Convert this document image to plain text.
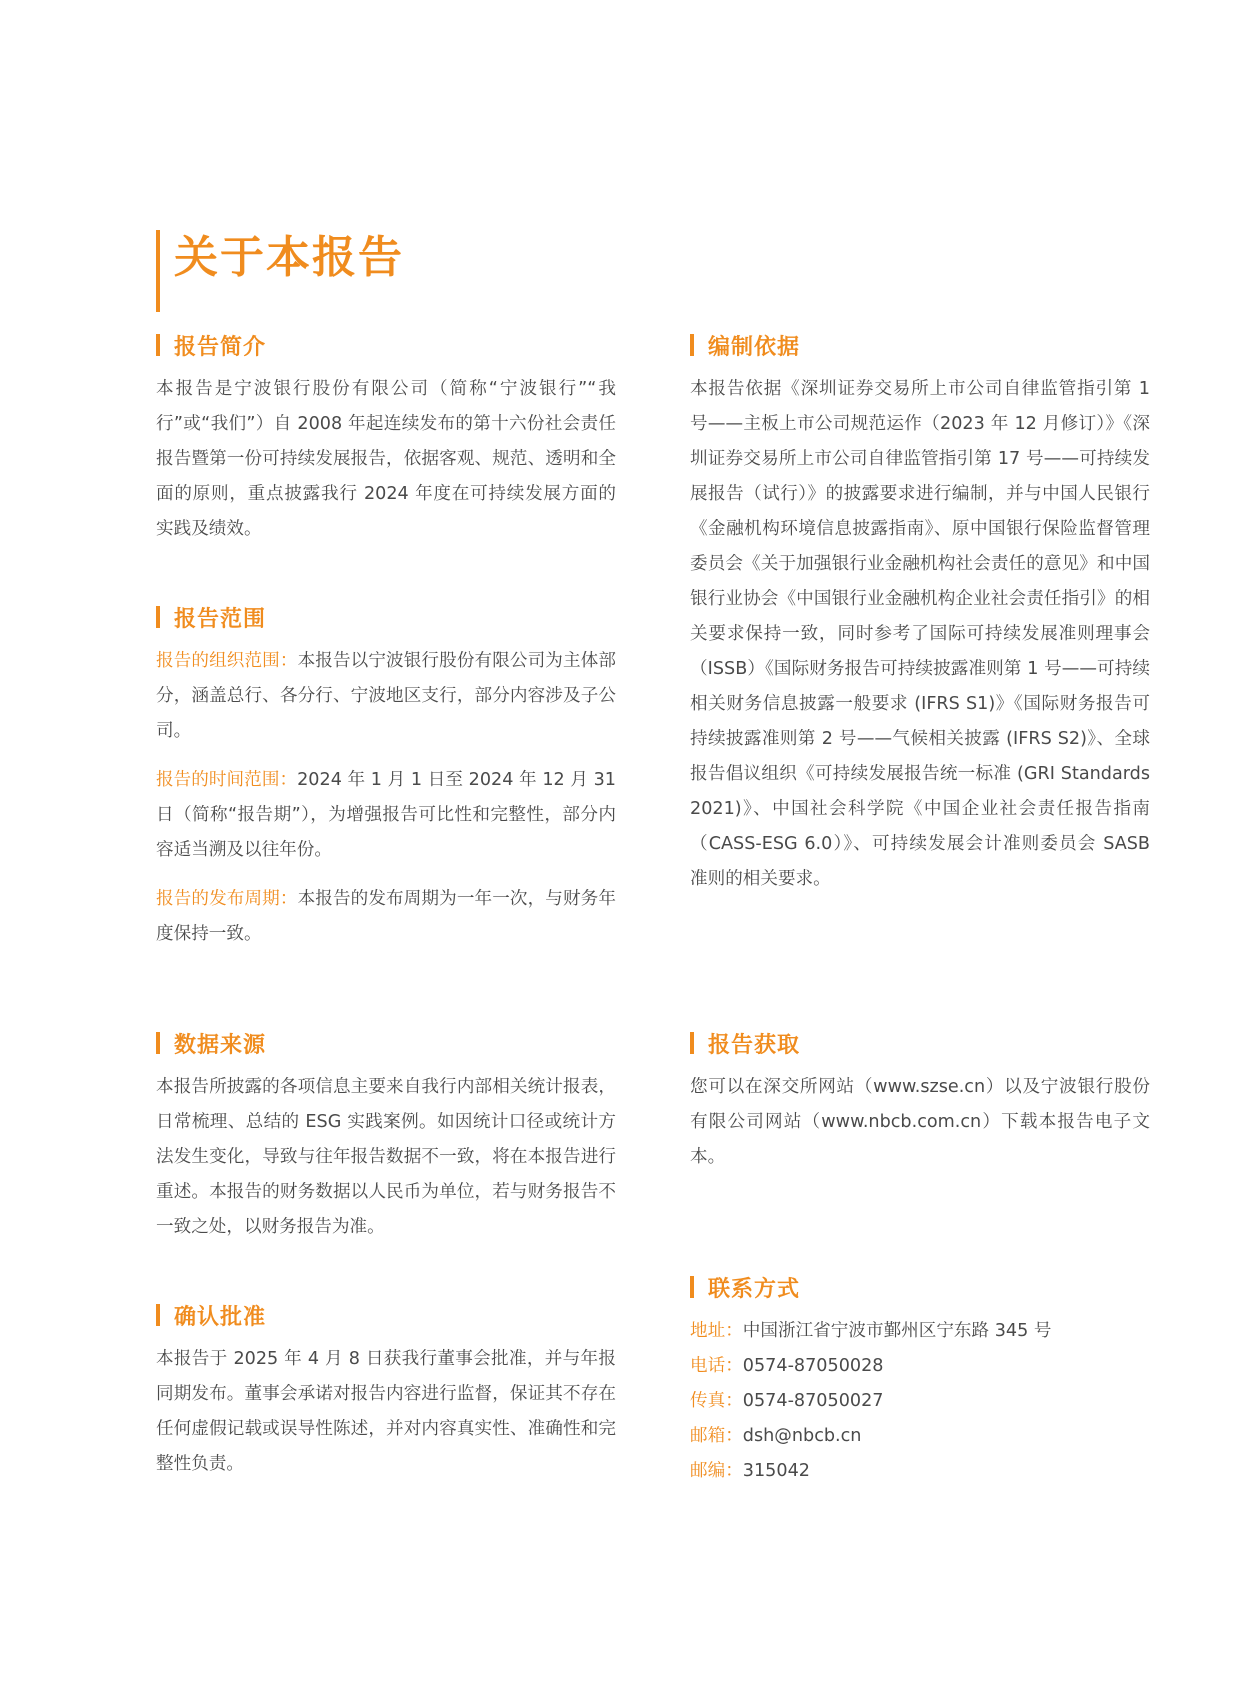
关于本报告
报告简介

本报告是宁波银行股份有限公司（简称“宁波银行”“我行”或“我们”）自 2008 年起连续发布的第十六份社会责任报告暨第一份可持续发展报告，依据客观、规范、透明和全面的原则，重点披露我行 2024 年度在可持续发展方面的实践及绩效。

报告范围

报告的组织范围：本报告以宁波银行股份有限公司为主体部分，涵盖总行、各分行、宁波地区支行，部分内容涉及子公司。

报告的时间范围：2024 年 1 月 1 日至 2024 年 12 月 31 日（简称“报告期”），为增强报告可比性和完整性，部分内容适当溯及以往年份。

报告的发布周期：本报告的发布周期为一年一次，与财务年度保持一致。

数据来源

本报告所披露的各项信息主要来自我行内部相关统计报表，日常梳理、总结的 ESG 实践案例。如因统计口径或统计方法发生变化，导致与往年报告数据不一致，将在本报告进行重述。本报告的财务数据以人民币为单位，若与财务报告不一致之处，以财务报告为准。

确认批准

本报告于 2025 年 4 月 8 日获我行董事会批准，并与年报同期发布。董事会承诺对报告内容进行监督，保证其不存在任何虚假记载或误导性陈述，并对内容真实性、准确性和完整性负责。

编制依据

本报告依据《深圳证券交易所上市公司自律监管指引第 1 号——主板上市公司规范运作（2023 年 12 月修订）》《深圳证券交易所上市公司自律监管指引第 17 号——可持续发展报告（试行）》的披露要求进行编制，并与中国人民银行《金融机构环境信息披露指南》、原中国银行保险监督管理委员会《关于加强银行业金融机构社会责任的意见》和中国银行业协会《中国银行业金融机构企业社会责任指引》的相关要求保持一致，同时参考了国际可持续发展准则理事会（ISSB）《国际财务报告可持续披露准则第 1 号——可持续相关财务信息披露一般要求 (IFRS S1)》《国际财务报告可持续披露准则第 2 号——气候相关披露 (IFRS S2)》、全球报告倡议组织《可持续发展报告统一标准 (GRI Standards 2021)》、中国社会科学院《中国企业社会责任报告指南（CASS-ESG 6.0）》、可持续发展会计准则委员会 SASB 准则的相关要求。

报告获取

您可以在深交所网站（www.szse.cn）以及宁波银行股份有限公司网站（www.nbcb.com.cn）下载本报告电子文本。

联系方式
地址：中国浙江省宁波市鄞州区宁东路 345 号
电话：0574-87050028
传真：0574-87050027
邮箱：dsh@nbcb.cn
邮编：315042
